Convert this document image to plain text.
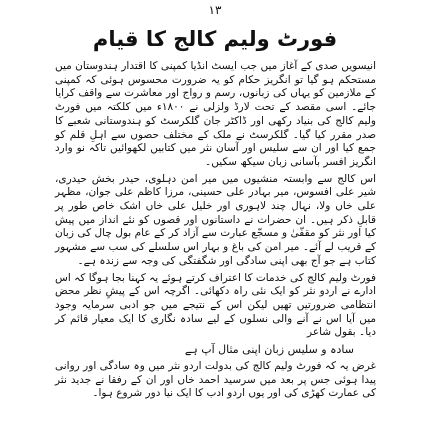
۱۳
فورٹ ولیم کالج کا قیام

انیسویں صدی کے آغاز میں جب ایسٹ انڈیا کمپنی کا اقتدار ہندوستان میں مستحکم ہو گیا تو انگریز حکام کو یہ ضرورت محسوس ہوئی کہ کمپنی کے ملازمین کو یہاں کی زبانوں، رسم و رواج اور معاشرت سے واقف کرایا جائے۔ اسی مقصد کے تحت لارڈ ولزلی نے ۱۸۰۰ء میں کلکتہ میں فورٹ ولیم کالج کی بنیاد رکھی اور ڈاکٹر جان گلکرسٹ کو ہندوستانی شعبے کا صدر مقرر کیا گیا۔ گلکرسٹ نے ملک کے مختلف حصوں سے اہلِ قلم کو جمع کیا اور ان سے سلیس اور آسان نثر میں کتابیں لکھوائیں تاکہ نو وارد انگریز افسر بآسانی زبان سیکھ سکیں۔

اس کالج سے وابستہ منشیوں میں میر امن دہلوی، حیدر بخش حیدری، شیر علی افسوس، میر بہادر علی حسینی، مرزا کاظم علی جوان، مظہر علی خاں ولا، نہال چند لاہوری اور خلیل علی خاں اشک خاص طور پر قابلِ ذکر ہیں۔ ان حضرات نے داستانوں اور قصوں کو نئے انداز میں پیش کیا اور نثر کو مقفّیٰ و مسجّع عبارت سے آزاد کر کے عام بول چال کی زبان کے قریب لے آئے۔ میر امن کی باغ و بہار اس سلسلے کی سب سے مشہور کتاب ہے جو آج بھی اپنی سادگی اور شگفتگی کی وجہ سے زندہ ہے۔

فورٹ ولیم کالج کی خدمات کا اعتراف کرتے ہوئے یہ کہنا بجا ہوگا کہ اس ادارے نے اردو نثر کو ایک نئی راہ دکھائی۔ اگرچہ اس کے پیشِ نظر محض انتظامی ضرورتیں تھیں لیکن اس کے نتیجے میں جو ادبی سرمایہ وجود میں آیا اس نے آنے والی نسلوں کے لیے سادہ نگاری کا ایک معیار قائم کر دیا۔ بقول شاعر

سادہ و سلیس زبان اپنی مثال آپ ہے

غرض یہ کہ فورٹ ولیم کالج کی بدولت اردو نثر میں وہ سادگی اور روانی پیدا ہوئی جس پر بعد میں سرسید احمد خاں اور ان کے رفقا نے جدید نثر کی عمارت کھڑی کی اور یوں اردو ادب کا ایک نیا دور شروع ہوا۔
